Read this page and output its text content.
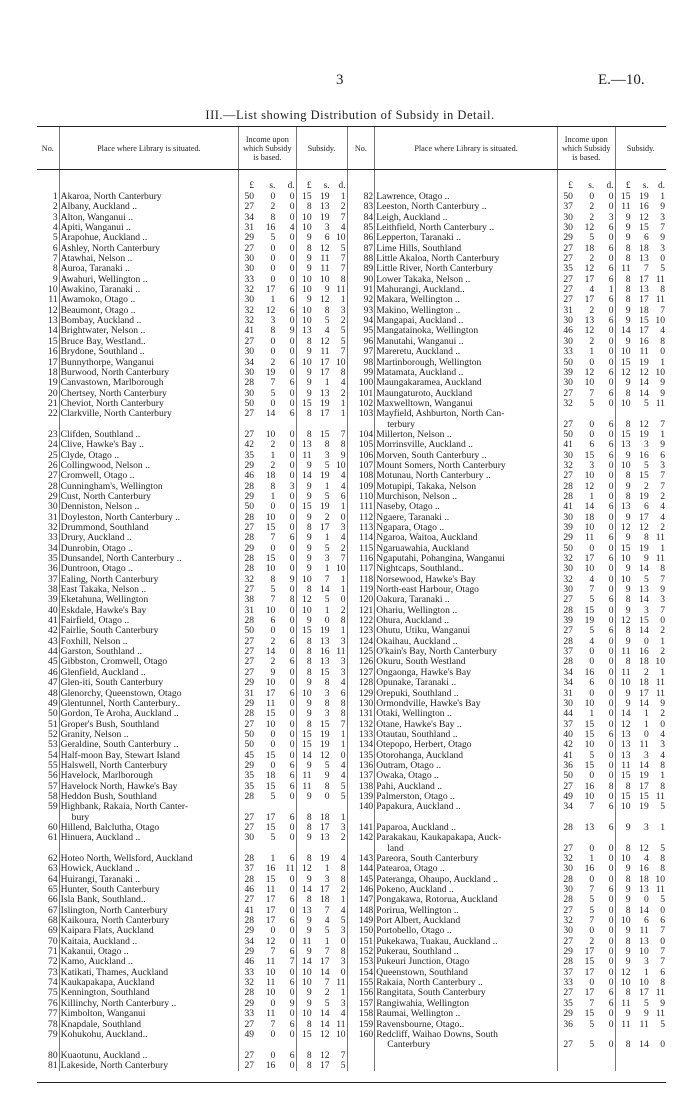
3	E.—10.
III.—List showing Distribution of Subsidy in Detail.
No.	Place where Library is situated.	Income upon which Subsidy is based.	Subsidy.	No.	Place where Library is situated.	Income upon which Subsidy is based.	Subsidy.

		£ s. d.	£ s. d.			£ s. d.	£ s. d.

1	Akaroa, North Canterbury	50 0 0	15 19 1	82	Lawrence, Otago ..	50 0 0	15 19 1

2	Albany, Auckland ..	27 2 0	8 13 2	83	Leeston, North Canterbury ..	37 2 0	11 16 9

3	Alton, Wanganui ..	34 8 0	10 19 7	84	Leigh, Auckland ..	30 2 3	9 12 3

4	Apiti, Wanganui ..	31 16 4	10 3 4	85	Leithfield, North Canterbury ..	30 12 6	9 15 7

5	Arapohue, Auckland ..	29 5 0	9 6 10	86	Lepperton, Taranaki ..	29 5 0	9 6 9

6	Ashley, North Canterbury	27 0 0	8 12 5	87	Lime Hills, Southland	27 18 6	8 18 3

7	Atawhai, Nelson ..	30 0 0	9 11 7	88	Little Akaloa, North Canterbury	27 2 0	8 13 0

8	Auroa, Taranaki ..	30 0 0	9 11 7	89	Little River, North Canterbury	35 12 6	11 7 5

9	Awahuri, Wellington ..	33 0 0	10 10 8	90	Lower Takaka, Nelson ..	27 17 6	8 17 11

10	Awakino, Taranaki ..	32 17 6	10 9 11	91	Mahurangi, Auckland..	27 4 1	8 13 8

11	Awamoko, Otago ..	30 1 6	9 12 1	92	Makara, Wellington ..	27 17 6	8 17 11

12	Beaumont, Otago ..	32 12 6	10 8 3	93	Makino, Wellington ..	31 2 0	9 18 7

13	Bombay, Auckland ..	32 3 0	10 5 2	94	Mangapai, Auckland ..	30 13 6	9 15 10

14	Brightwater, Nelson ..	41 8 9	13 4 5	95	Mangatainoka, Wellington	46 12 0	14 17 4

15	Bruce Bay, Westland..	27 0 0	8 12 5	96	Manutahi, Wanganui ..	30 2 0	9 16 8

16	Brydone, Southland ..	30 0 0	9 11 7	97	Mareretu, Auckland ..	33 1 0	10 11 0

17	Bunnythorpe, Wanganui	34 2 6	10 17 10	98	Martinborough, Wellington	50 0 0	15 19 1

18	Burwood, North Canterbury	30 19 0	9 17 8	99	Matamata, Auckland ..	39 12 6	12 12 10

19	Canvastown, Marlborough	28 7 6	9 1 4	100	Maungakaramea, Auckland	30 10 0	9 14 9

20	Chertsey, North Canterbury	30 5 0	9 13 2	101	Maungaturoto, Auckland	27 7 6	8 14 9

21	Cheviot, North Canterbury	50 0 0	15 19 1	102	Maxwelltown, Wanganui	32 5 0	10 5 11

22	Clarkville, North Canterbury	27 14 6	8 17 1	103	Mayfield, Ashburton, North Can-		
					terbury	27 0 6	8 12 7

23	Clifden, Southland ..	27 10 0	8 15 7	104	Millerton, Nelson ..	50 0 0	15 19 1

24	Clive, Hawke's Bay ..	42 2 0	13 8 8	105	Morrinsville, Auckland ..	41 6 6	13 3 9

25	Clyde, Otago ..	35 1 0	11 3 9	106	Morven, South Canterbury ..	30 15 6	9 16 6

26	Collingwood, Nelson ..	29 2 0	9 5 10	107	Mount Somers, North Canterbury	32 3 0	10 5 3

27	Cromwell, Otago ..	46 18 0	14 19 4	108	Motunau, North Canterbury ..	27 10 0	8 15 7

28	Cunningham's, Wellington	28 8 3	9 1 4	109	Motupipi, Takaka, Nelson	28 12 0	9 2 7

29	Cust, North Canterbury	29 1 0	9 5 6	110	Murchison, Nelson ..	28 1 0	8 19 2

30	Denniston, Nelson ..	50 0 0	15 19 1	111	Naseby, Otago ..	41 14 6	13 6 4

31	Doyleston, North Canterbury ..	28 10 0	9 2 0	112	Ngaere, Taranaki ..	30 18 0	9 17 4

32	Drummond, Southland	27 15 0	8 17 3	113	Ngapara, Otago ..	39 10 0	12 12 2

33	Drury, Auckland ..	28 7 6	9 1 4	114	Ngaroa, Waitoa, Auckland	29 11 6	9 8 11

34	Dunrobin, Otago ..	29 0 0	9 5 2	115	Ngaruawahia, Auckland	50 0 0	15 19 1

35	Dunsandel, North Canterbury ..	28 15 0	9 3 7	116	Ngaputahi, Pohangina, Wanganui	32 17 6	10 9 11

36	Duntroon, Otago ..	28 10 0	9 1 10	117	Nightcaps, Southland..	30 10 0	9 14 8

37	Ealing, North Canterbury	32 8 9	10 7 1	118	Norsewood, Hawke's Bay	32 4 0	10 5 7

38	East Takaka, Nelson ..	27 5 0	8 14 1	119	North-east Harbour, Otago	30 7 0	9 13 9

39	Eketahuna, Wellington	38 7 8	12 5 0	120	Oakura, Taranaki ..	27 5 6	8 14 3

40	Eskdale, Hawke's Bay	31 10 0	10 1 2	121	Ohariu, Wellington ..	28 15 0	9 3 7

41	Fairfield, Otago ..	28 6 0	9 0 8	122	Ohura, Auckland ..	39 19 0	12 15 0

42	Fairlie, South Canterbury	50 0 0	15 19 1	123	Ohutu, Utiku, Wanganui	27 5 6	8 14 2

43	Foxhill, Nelson ..	27 2 6	8 13 3	124	Okaihau, Auckland ..	28 4 0	9 0 1

44	Garston, Southland ..	27 14 0	8 16 11	125	O'kain's Bay, North Canterbury	37 0 0	11 16 2

45	Gibbston, Cromwell, Otago	27 2 6	8 13 3	126	Okuru, South Westland	28 0 0	8 18 10

46	Glenfield, Auckland ..	27 9 0	8 15 3	127	Ongaonga, Hawke's Bay	34 16 0	11 2 1

47	Glen-iti, South Canterbury	29 10 0	9 8 4	128	Opunake, Taranaki ..	34 6 0	10 18 11

48	Glenorchy, Queenstown, Otago	31 17 6	10 3 6	129	Orepuki, Southland ..	31 0 0	9 17 11

49	Glentunnel, North Canterbury..	29 11 0	9 8 8	130	Ormondville, Hawke's Bay	30 10 0	9 14 9

50	Gordon, Te Aroha, Auckland ..	28 15 0	9 3 8	131	Otaki, Wellington ..	44 1 0	14 1 2

51	Groper's Bush, Southland	27 10 0	8 15 7	132	Otane, Hawke's Bay ..	37 15 0	12 1 0

52	Granity, Nelson ..	50 0 0	15 19 1	133	Otautau, Southland ..	40 15 6	13 0 4

53	Geraldine, South Canterbury ..	50 0 0	15 19 1	134	Otepopo, Herbert, Otago	42 10 0	13 11 3

54	Half-moon Bay, Stewart Island	45 15 0	14 12 0	135	Otorohanga, Auckland	41 5 0	13 3 4

55	Halswell, North Canterbury	29 0 6	9 5 4	136	Outram, Otago ..	36 15 0	11 14 8

56	Havelock, Marlborough	35 18 6	11 9 4	137	Owaka, Otago ..	50 0 0	15 19 1

57	Havelock North, Hawke's Bay	35 15 6	11 8 5	138	Pahi, Auckland ..	27 16 8	8 17 8

58	Heddon Bush, Southland	28 5 0	9 0 5	139	Palmerston, Otago ..	49 10 0	15 15 11

59	Highbank, Rakaia, North Canter-			140	Papakura, Auckland ..	34 7 6	10 19 5

	bury	27 17 6	8 18 1				

60	Hillend, Balclutha, Otago	27 15 0	8 17 3	141	Paparoa, Auckland ..	28 13 6	9 3 1

61	Hinuera, Auckland ..	30 5 0	9 13 2	142	Parakakau, Kaukapakapa, Auck-		
					land	27 0 0	8 12 5

62	Hoteo North, Wellsford, Auckland	28 1 6	8 19 4	143	Pareora, South Canterbury	32 1 0	10 4 8

63	Howick, Auckland ..	37 16 11	12 1 8	144	Patearoa, Otago ..	30 16 0	9 16 8

64	Huirangi, Taranaki ..	28 15 0	9 3 8	145	Pateranga, Ohaupo, Auckland ..	28 0 0	8 18 10

65	Hunter, South Canterbury	46 11 0	14 17 2	146	Pokeno, Auckland ..	30 7 6	9 13 11

66	Isla Bank, Southland..	27 17 6	8 18 1	147	Pongakawa, Rotorua, Auckland	28 5 0	9 0 5

67	Islington, North Canterbury	41 17 0	13 7 4	148	Porirua, Wellington ..	27 5 0	8 14 0

68	Kaikoura, North Canterbury	28 17 6	9 4 5	149	Port Albert, Auckland	32 7 0	10 6 6

69	Kaipara Flats, Auckland	29 0 0	9 5 3	150	Portobello, Otago ..	30 0 0	9 11 7

70	Kaitaia, Auckland ..	34 12 0	11 1 0	151	Pukekawa, Tuakau, Auckland ..	27 2 0	8 13 0

71	Kakanui, Otago ..	29 7 6	9 7 8	152	Pukerau, Southland ..	29 17 0	9 10 7

72	Kamo, Auckland ..	46 11 7	14 17 3	153	Pukeuri Junction, Otago	28 15 0	9 3 7

73	Katikati, Thames, Auckland	33 10 0	10 14 0	154	Queenstown, Southland	37 17 0	12 1 6

74	Kaukapakapa, Auckland	32 11 6	10 7 11	155	Rakaia, North Canterbury ..	33 0 0	10 10 8

75	Kennington, Southland	28 10 0	9 2 1	156	Rangitata, South Canterbury	27 17 6	8 17 11

76	Killinchy, North Canterbury ..	29 0 9	9 5 3	157	Rangiwahia, Wellington	35 7 6	11 5 9

77	Kimbolton, Wanganui	33 11 0	10 14 4	158	Raumai, Wellington ..	29 15 0	9 9 11

78	Knapdale, Southland	27 7 6	8 14 11	159	Ravensbourne, Otago..	36 5 0	11 11 5

79	Kohukohu, Auckland..	49 0 0	15 12 10	160	Redcliff, Waihao Downs, South		
					Canterbury	27 5 0	8 14 0

80	Kuaotunu, Auckland ..	27 0 6	8 12 7				

81	Lakeside, North Canterbury	27 16 0	8 17 5				
